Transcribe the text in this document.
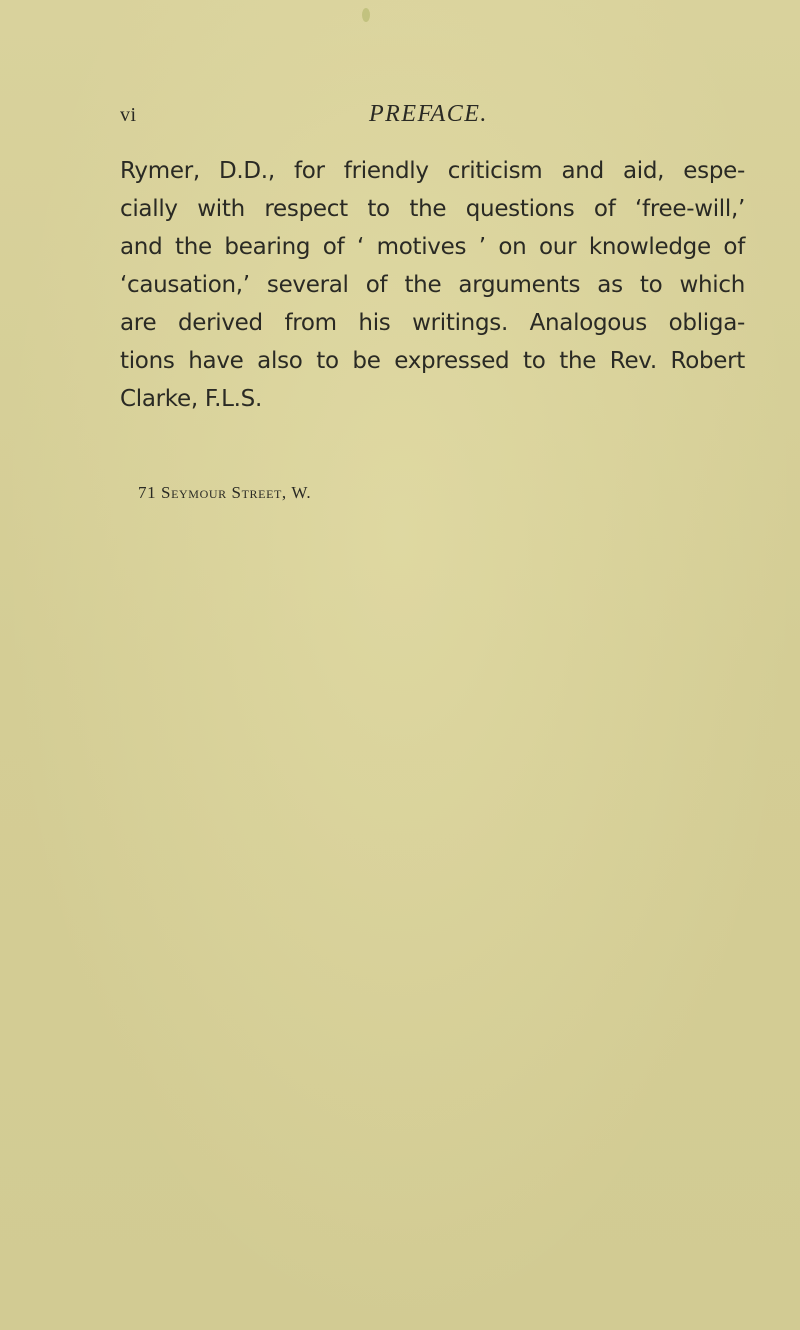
vi	PREFACE.
Rymer, D.D., for friendly criticism and aid, espe-
cially with respect to the questions of ‘free-will,’
and the bearing of ‘ motives ’ on our knowledge of
‘causation,’ several of the arguments as to which
are derived from his writings. Analogous obliga-
tions have also to be expressed to the Rev. Robert
Clarke, F.L.S.
71 Seymour Street, W.
